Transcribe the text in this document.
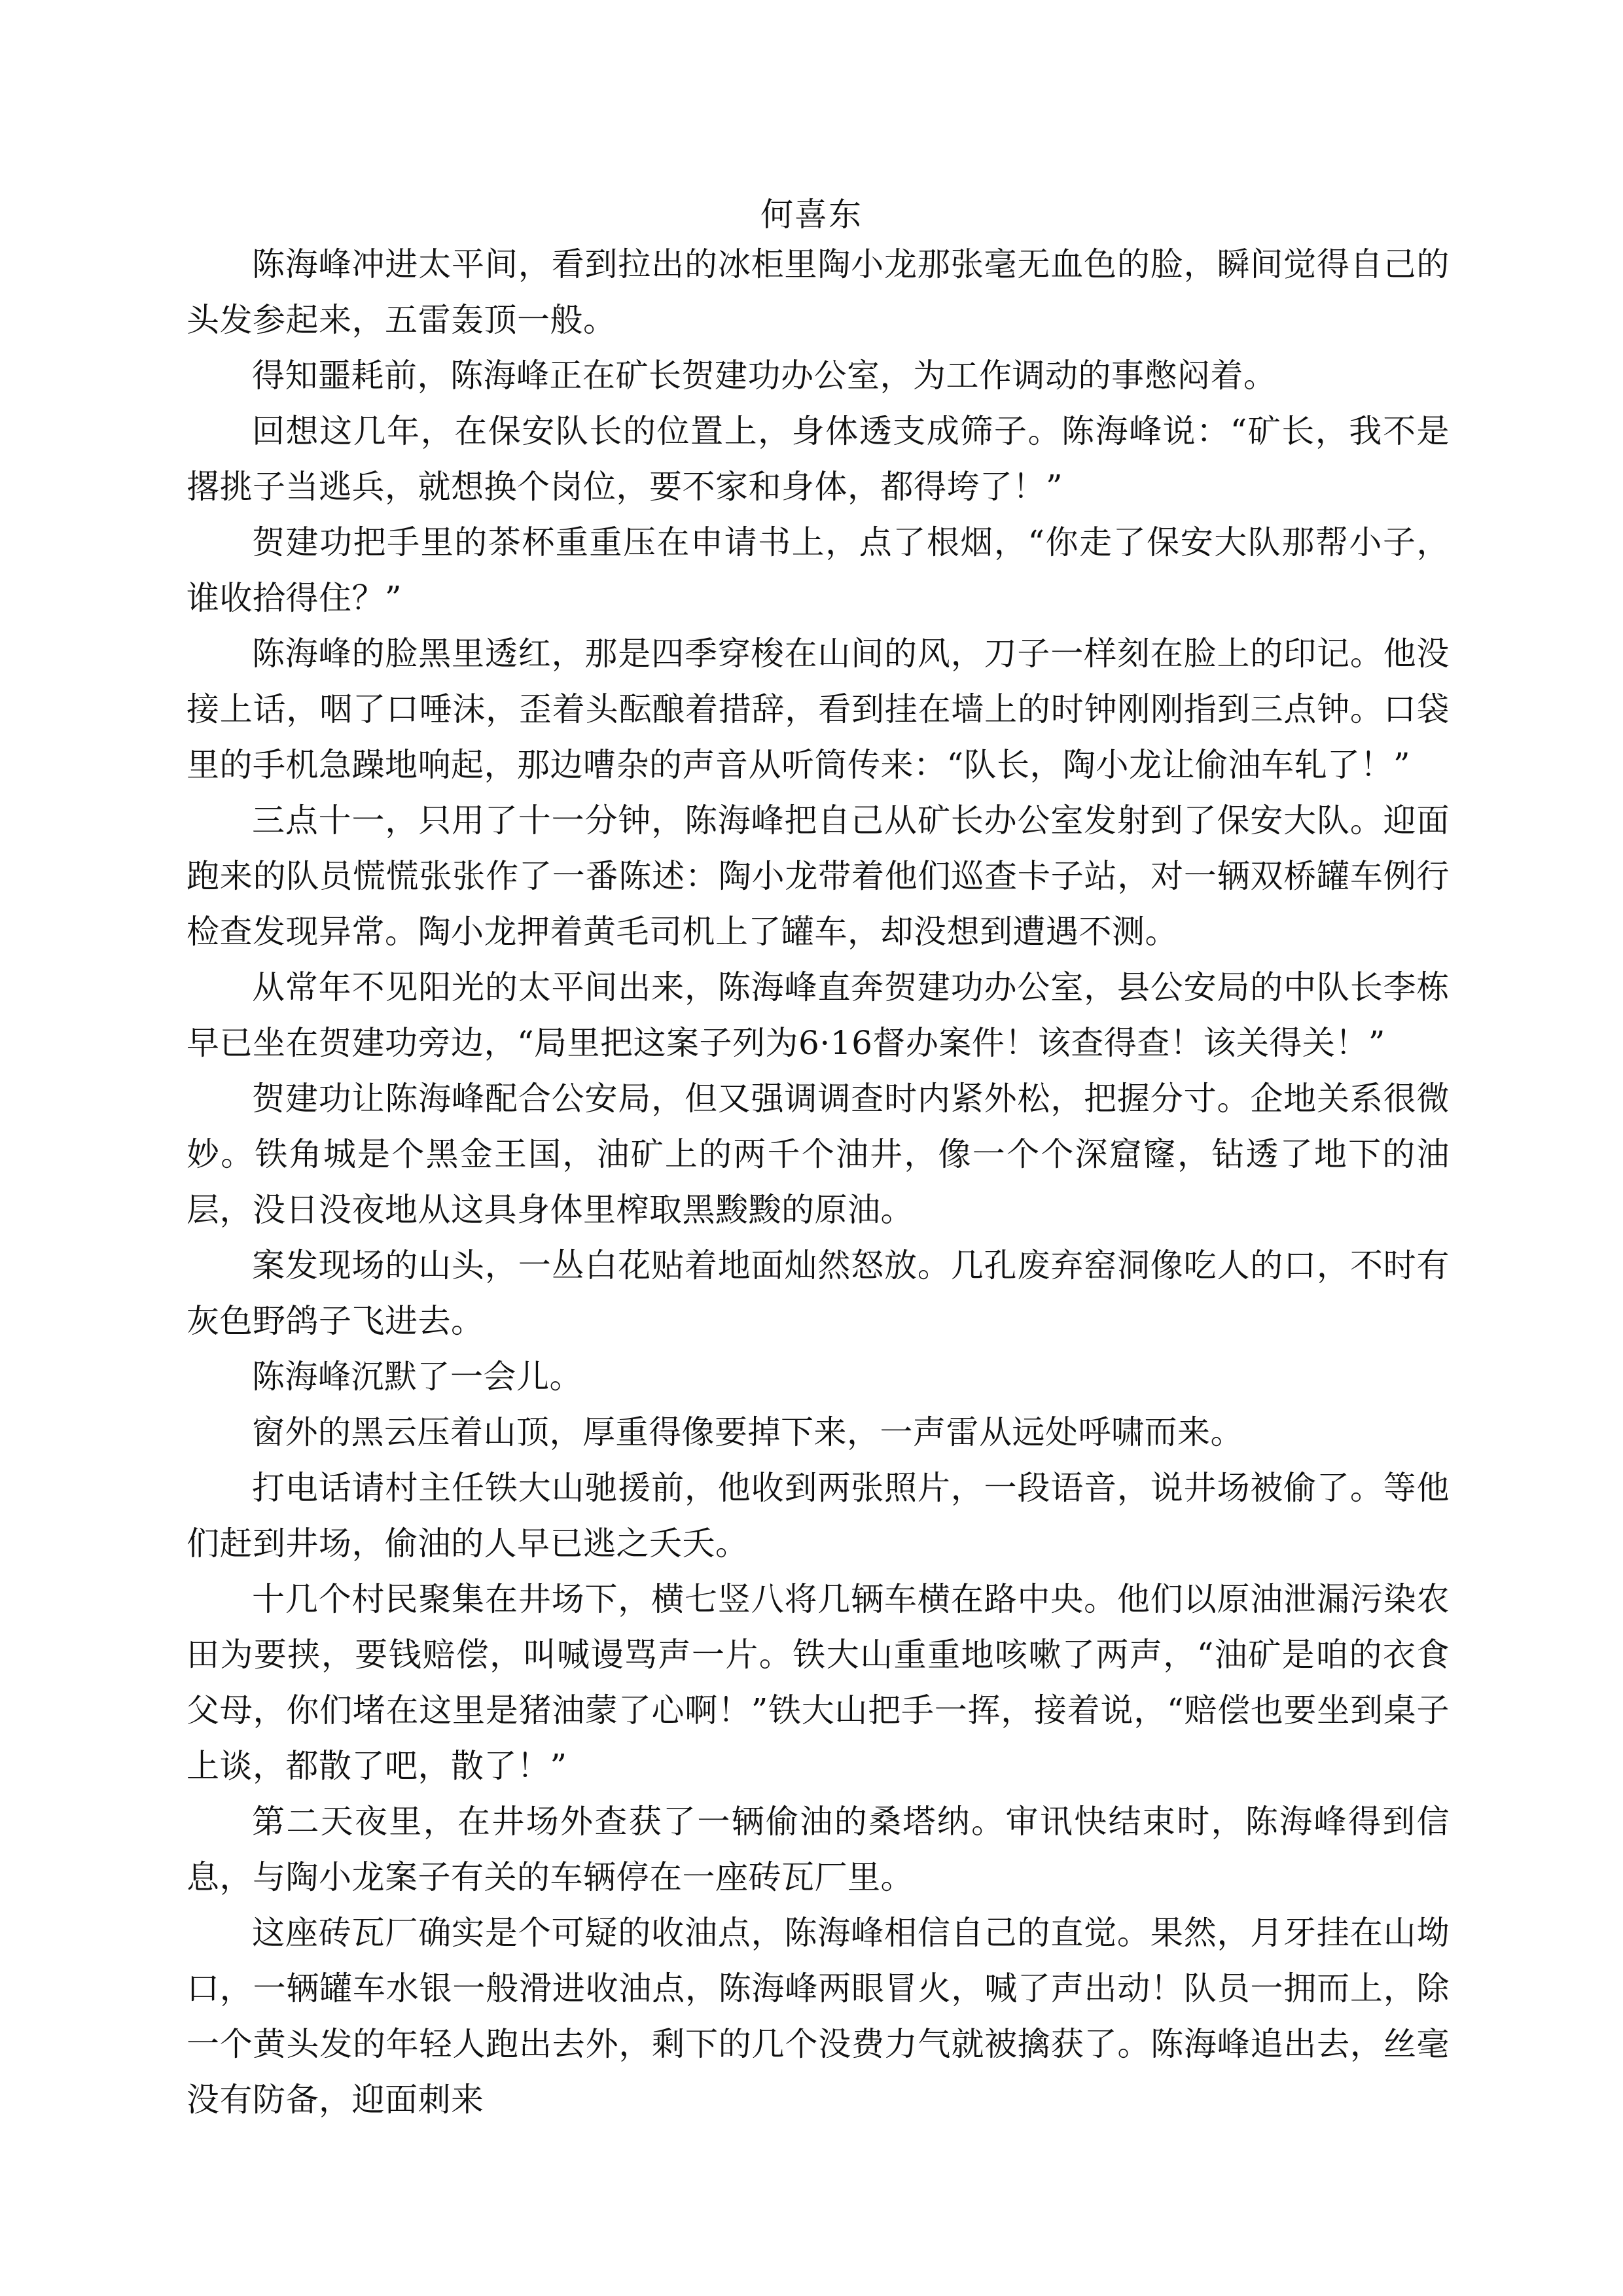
何喜东

陈海峰冲进太平间，看到拉出的冰柜里陶小龙那张毫无血色的脸，瞬间觉得自己的头发参起来，五雷轰顶一般。

得知噩耗前，陈海峰正在矿长贺建功办公室，为工作调动的事憋闷着。

回想这几年，在保安队长的位置上，身体透支成筛子。陈海峰说：“矿长，我不是撂挑子当逃兵，就想换个岗位，要不家和身体，都得垮了！”

贺建功把手里的茶杯重重压在申请书上，点了根烟，“你走了保安大队那帮小子，谁收拾得住？”

陈海峰的脸黑里透红，那是四季穿梭在山间的风，刀子一样刻在脸上的印记。他没接上话，咽了口唾沫，歪着头酝酿着措辞，看到挂在墙上的时钟刚刚指到三点钟。口袋里的手机急躁地响起，那边嘈杂的声音从听筒传来：“队长，陶小龙让偷油车轧了！”

三点十一，只用了十一分钟，陈海峰把自己从矿长办公室发射到了保安大队。迎面跑来的队员慌慌张张作了一番陈述：陶小龙带着他们巡查卡子站，对一辆双桥罐车例行检查发现异常。陶小龙押着黄毛司机上了罐车，却没想到遭遇不测。

从常年不见阳光的太平间出来，陈海峰直奔贺建功办公室，县公安局的中队长李栋早已坐在贺建功旁边，“局里把这案子列为6·16督办案件！该查得查！该关得关！”

贺建功让陈海峰配合公安局，但又强调调查时内紧外松，把握分寸。企地关系很微妙。铁角城是个黑金王国，油矿上的两千个油井，像一个个深窟窿，钻透了地下的油层，没日没夜地从这具身体里榨取黑黢黢的原油。

案发现场的山头，一丛白花贴着地面灿然怒放。几孔废弃窑洞像吃人的口，不时有灰色野鸽子飞进去。

陈海峰沉默了一会儿。

窗外的黑云压着山顶，厚重得像要掉下来，一声雷从远处呼啸而来。

打电话请村主任铁大山驰援前，他收到两张照片，一段语音，说井场被偷了。等他们赶到井场，偷油的人早已逃之夭夭。

十几个村民聚集在井场下，横七竖八将几辆车横在路中央。他们以原油泄漏污染农田为要挟，要钱赔偿，叫喊谩骂声一片。铁大山重重地咳嗽了两声，“油矿是咱的衣食父母，你们堵在这里是猪油蒙了心啊！”铁大山把手一挥，接着说，“赔偿也要坐到桌子上谈，都散了吧，散了！”

第二天夜里，在井场外查获了一辆偷油的桑塔纳。审讯快结束时，陈海峰得到信息，与陶小龙案子有关的车辆停在一座砖瓦厂里。

这座砖瓦厂确实是个可疑的收油点，陈海峰相信自己的直觉。果然，月牙挂在山坳口，一辆罐车水银一般滑进收油点，陈海峰两眼冒火，喊了声出动！队员一拥而上，除一个黄头发的年轻人跑出去外，剩下的几个没费力气就被擒获了。陈海峰追出去，丝毫没有防备，迎面刺来
